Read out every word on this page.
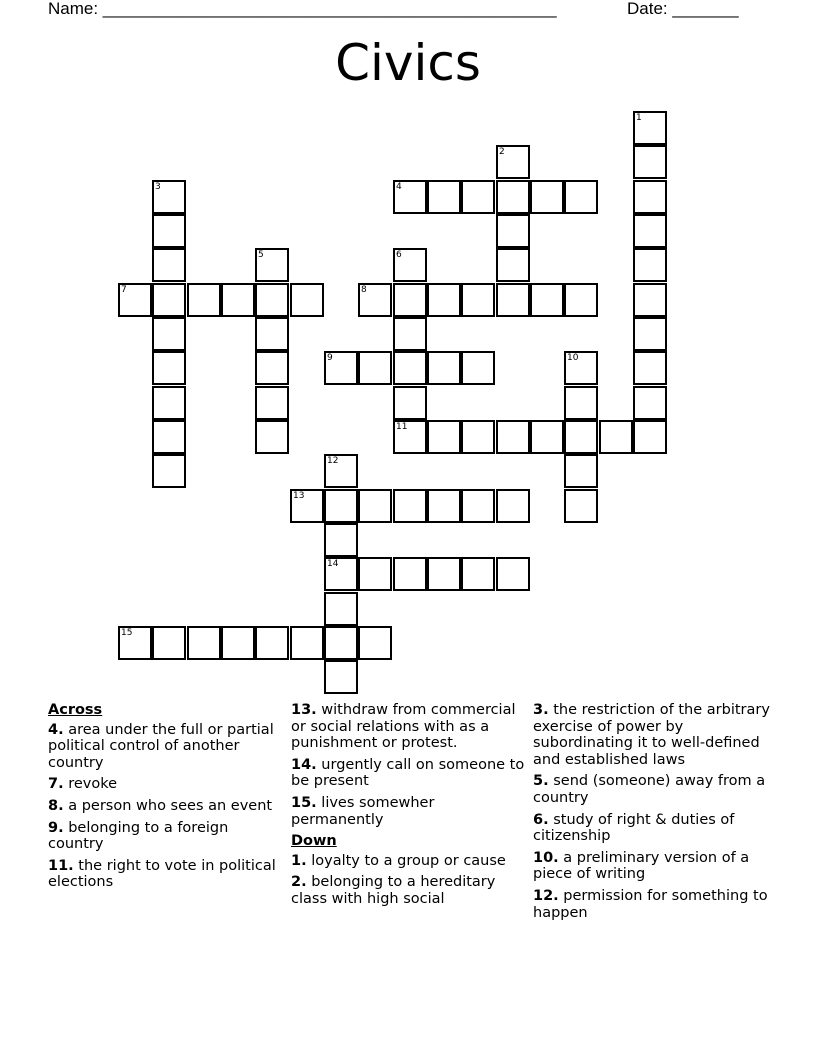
Name: ________________________________________________	Date: _______
Civics
1
2
3	4
5	6
11
7	8
9	10
12
14
13
15
Across
4. area under the full or partial political control of another country
7. revoke
8. a person who sees an event
9. belonging to a foreign country
11. the right to vote in political elections
13. withdraw from commercial or social relations with as a punishment or protest.
14. urgently call on someone to be present
15. lives somewher permanently
Down
1. loyalty to a group or cause
2. belonging to a hereditary class with high social
3. the restriction of the arbitrary exercise of power by subordinating it to well-defined and established laws
5. send (someone) away from a country
6. study of right & duties of citizenship
10. a preliminary version of a piece of writing
12. permission for something to happen
